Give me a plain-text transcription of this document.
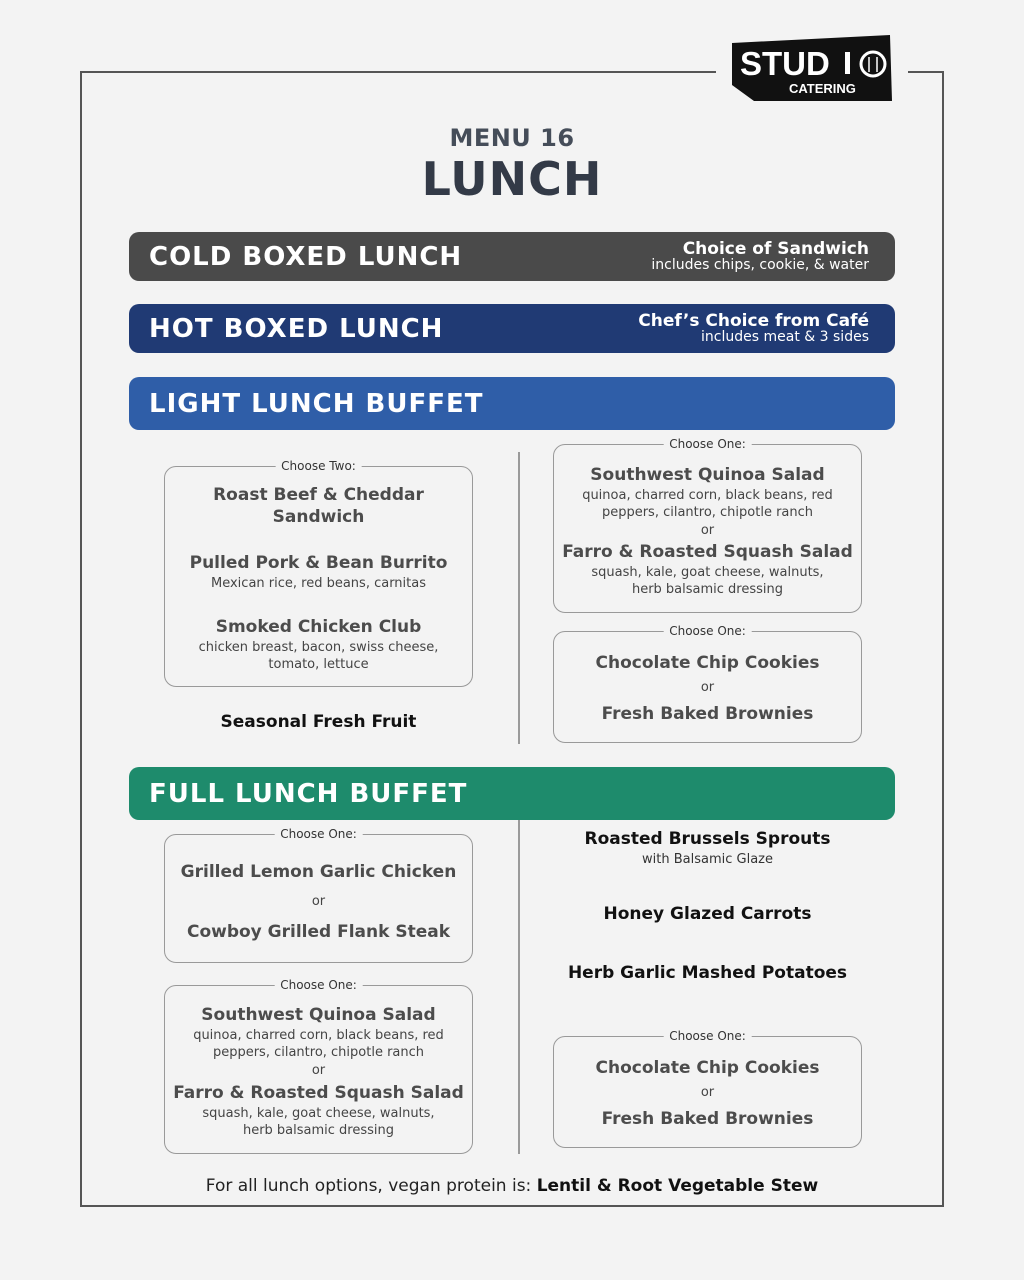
STUD
CATERING
MENU 16
LUNCH
COLD BOXED LUNCH	Choice of Sandwich
includes chips, cookie, & water
HOT BOXED LUNCH	Chef’s Choice from Café
includes meat & 3 sides
LIGHT LUNCH BUFFET
Choose Two:
Roast Beef & Cheddar Sandwich
Pulled Pork & Bean Burrito
Mexican rice, red beans, carnitas
Smoked Chicken Club
chicken breast, bacon, swiss cheese, tomato, lettuce
Seasonal Fresh Fruit
Choose One:
Southwest Quinoa Salad
quinoa, charred corn, black beans, red peppers, cilantro, chipotle ranch
or
Farro & Roasted Squash Salad
squash, kale, goat cheese, walnuts, herb balsamic dressing
Choose One:
Chocolate Chip Cookies
or
Fresh Baked Brownies
FULL LUNCH BUFFET
Choose One:
Grilled Lemon Garlic Chicken
or
Cowboy Grilled Flank Steak
Choose One:
Southwest Quinoa Salad
quinoa, charred corn, black beans, red peppers, cilantro, chipotle ranch
or
Farro & Roasted Squash Salad
squash, kale, goat cheese, walnuts, herb balsamic dressing
Roasted Brussels Sprouts
with Balsamic Glaze
Honey Glazed Carrots
Herb Garlic Mashed Potatoes
Choose One:
Chocolate Chip Cookies
or
Fresh Baked Brownies
For all lunch options, vegan protein is: Lentil & Root Vegetable Stew
